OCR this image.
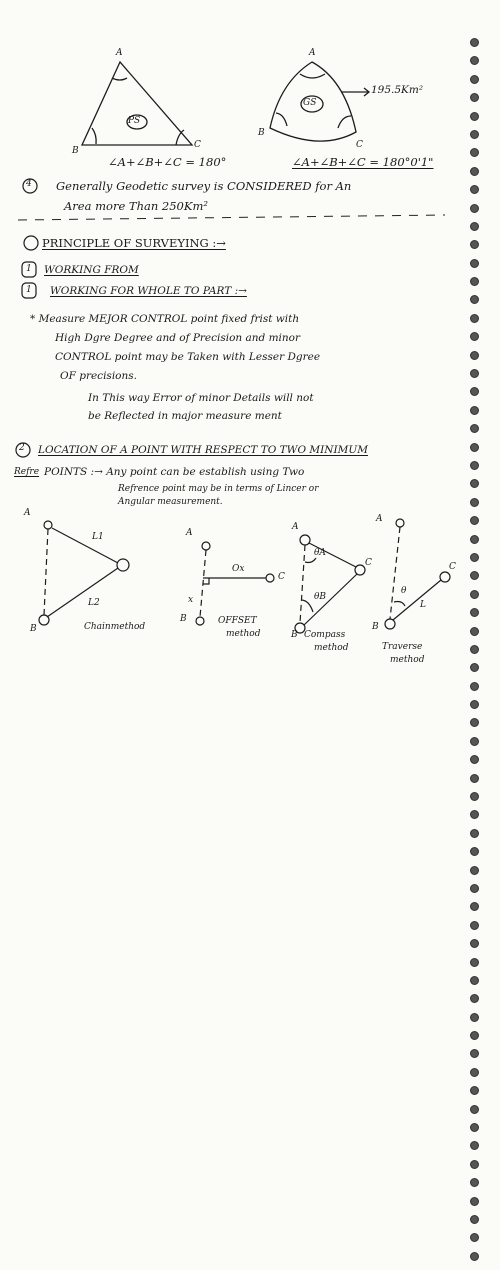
A
B
C
PS
∠A+∠B+∠C = 180°
A
B
C
GS
195.5Km²
∠A+∠B+∠C = 180°0'1"
4 Generally Geodetic survey is CONSIDERED for An
Area more Than 250Km²
PRINCIPLE OF SURVEYING :→
1 WORKING FROM
1 WORKING FOR WHOLE TO PART :→
* Measure MEJOR CONTROL point fixed frist with
High Dgre Degree and of Precision and minor
CONTROL point may be Taken with Lesser Dgree
OF precisions.
In This way Error of minor Details will not
be Reflected in major measure ment
2 LOCATION OF A POINT WITH RESPECT TO TWO MINIMUM
Refre POINTS :→ Any point can be establish using Two
Refrence point may be in terms of Lincer or
Angular measurement.
A
B
L1
L2
Chainmethod
A
B
C
Ox
x
OFFSET
method
A
B
C
θA
θB
Compass
method
A
B
C
θ
L
Traverse
method
